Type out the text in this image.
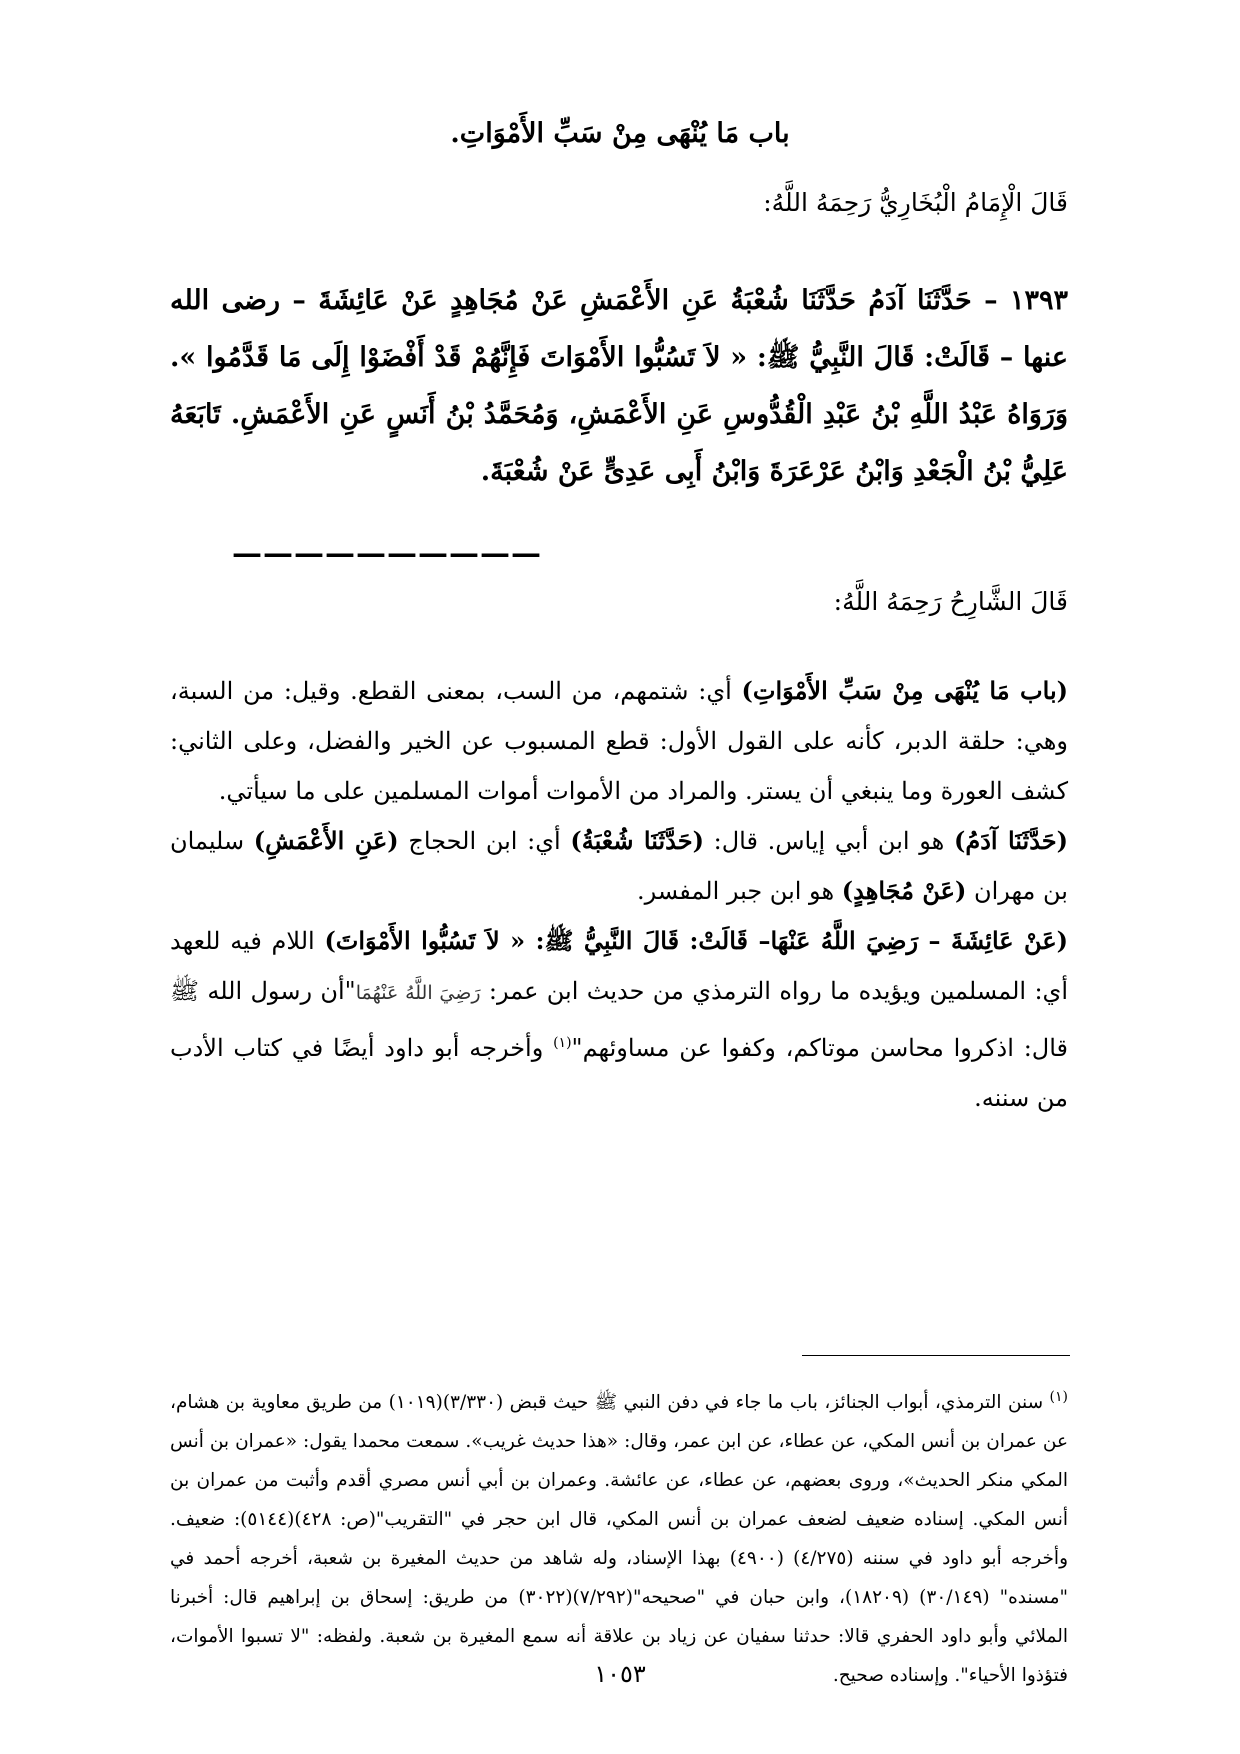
باب مَا يُنْهَى مِنْ سَبِّ الأَمْوَاتِ.
قَالَ الْإِمَامُ الْبُخَارِيُّ رَحِمَهُ اللَّهُ:

١٣٩٣ – حَدَّثَنَا آدَمُ حَدَّثَنَا شُعْبَةُ عَنِ الأَعْمَشِ عَنْ مُجَاهِدٍ عَنْ عَائِشَةَ – رضى الله عنها – قَالَتْ: قَالَ النَّبِيُّ ﷺ: « لاَ تَسُبُّوا الأَمْوَاتَ فَإِنَّهُمْ قَدْ أَفْضَوْا إِلَى مَا قَدَّمُوا ». وَرَوَاهُ عَبْدُ اللَّهِ بْنُ عَبْدِ الْقُدُّوسِ عَنِ الأَعْمَشِ، وَمُحَمَّدُ بْنُ أَنَسٍ عَنِ الأَعْمَشِ. تَابَعَهُ عَلِيُّ بْنُ الْجَعْدِ وَابْنُ عَرْعَرَةَ وَابْنُ أَبِى عَدِىٍّ عَنْ شُعْبَةَ.

——————————
قَالَ الشَّارِحُ رَحِمَهُ اللَّهُ:

(باب مَا يُنْهَى مِنْ سَبِّ الأَمْوَاتِ) أي: شتمهم، من السب، بمعنى القطع. وقيل: من السبة، وهي: حلقة الدبر، كأنه على القول الأول: قطع المسبوب عن الخير والفضل، وعلى الثاني: كشف العورة وما ينبغي أن يستر. والمراد من الأموات أموات المسلمين على ما سيأتي.

(حَدَّثَنَا آدَمُ) هو ابن أبي إياس. قال: (حَدَّثَنَا شُعْبَةُ) أي: ابن الحجاج (عَنِ الأَعْمَشِ) سليمان بن مهران (عَنْ مُجَاهِدٍ) هو ابن جبر المفسر.

(عَنْ عَائِشَةَ – رَضِيَ اللَّهُ عَنْهَا– قَالَتْ: قَالَ النَّبِيُّ ﷺ: « لاَ تَسُبُّوا الأَمْوَاتَ) اللام فيه للعهد أي: المسلمين ويؤيده ما رواه الترمذي من حديث ابن عمر: رَضِيَ اللَّهُ عَنْهُمَا"أن رسول الله ﷺ قال: اذكروا محاسن موتاكم، وكفوا عن مساوئهم"$^{(١)}$ وأخرجه أبو داود أيضًا في كتاب الأدب من سننه.

$^{(١)}$ سنن الترمذي، أبواب الجنائز، باب ما جاء في دفن النبي ﷺ حيث قبض (٣/٣٣٠)(١٠١٩) من طريق معاوية بن هشام، عن عمران بن أنس المكي، عن عطاء، عن ابن عمر، وقال: «هذا حديث غريب». سمعت محمدا يقول: «عمران بن أنس المكي منكر الحديث»، وروى بعضهم، عن عطاء، عن عائشة. وعمران بن أبي أنس مصري أقدم وأثبت من عمران بن أنس المكي. إسناده ضعيف لضعف عمران بن أنس المكي، قال ابن حجر في "التقريب"(ص: ٤٢٨)(٥١٤٤): ضعيف. وأخرجه أبو داود في سننه (٤/٢٧٥) (٤٩٠٠) بهذا الإسناد، وله شاهد من حديث المغيرة بن شعبة، أخرجه أحمد في "مسنده" (٣٠/١٤٩) (١٨٢٠٩)، وابن حبان في "صحيحه"(٧/٢٩٢)(٣٠٢٢) من طريق: إسحاق بن إبراهيم قال: أخبرنا الملائي وأبو داود الحفري قالا: حدثنا سفيان عن زياد بن علاقة أنه سمع المغيرة بن شعبة. ولفظه: "لا تسبوا الأموات، فتؤذوا الأحياء". وإسناده صحيح.

١٠٥٣
